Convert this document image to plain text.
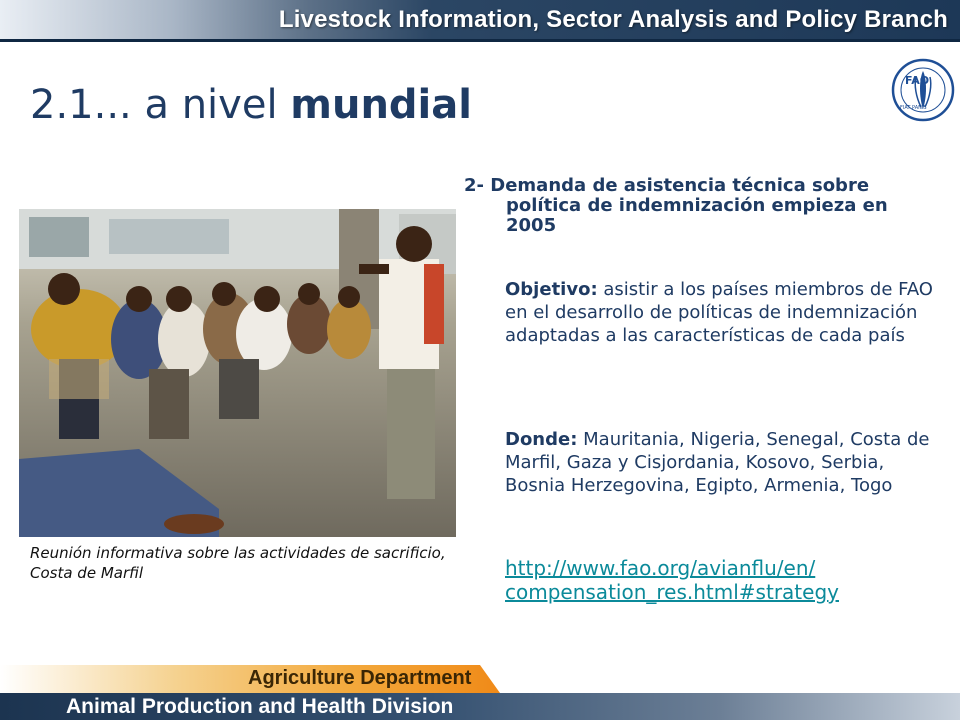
Livestock Information, Sector Analysis and Policy Branch
FAO
FIAT PANIS
2.1... a nivel mundial
Reunión informativa sobre las actividades de sacrificio, Costa de Marfil
2- Demanda de asistencia técnica sobre política de indemnización empieza en 2005
Objetivo: asistir a los países miembros de FAO en el desarrollo de políticas de indemnización adaptadas a las características de cada país
Donde: Mauritania, Nigeria, Senegal, Costa de Marfil, Gaza y Cisjordania, Kosovo, Serbia, Bosnia Herzegovina, Egipto, Armenia, Togo
http://www.fao.org/avianflu/en/
compensation_res.html#strategy
Agriculture Department
Animal Production and Health Division
